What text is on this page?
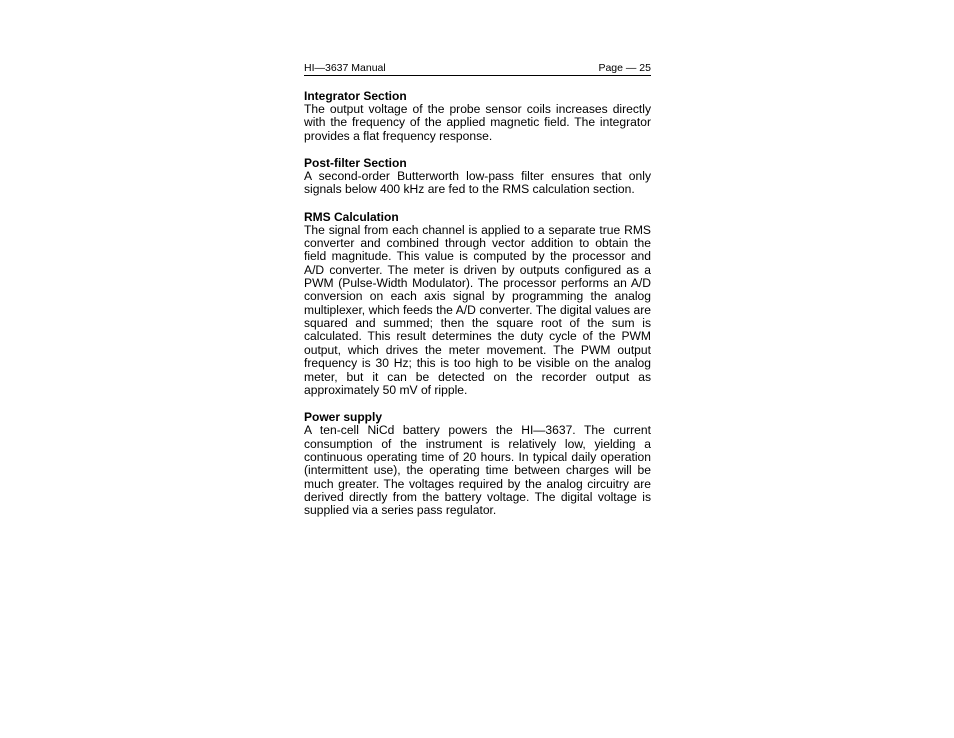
HI—3637 Manual	Page — 25

Integrator Section

The output voltage of the probe sensor coils increases directly with the frequency of the applied magnetic field. The integrator provides a flat frequency response.

Post-filter Section

A second-order Butterworth low-pass filter ensures that only signals below 400 kHz are fed to the RMS calculation section.

RMS Calculation

The signal from each channel is applied to a separate true RMS converter and combined through vector addition to obtain the field magnitude. This value is computed by the processor and A/D converter. The meter is driven by outputs configured as a PWM (Pulse-Width Modulator). The processor performs an A/D conversion on each axis signal by programming the analog multiplexer, which feeds the A/D converter. The digital values are squared and summed; then the square root of the sum is calculated. This result determines the duty cycle of the PWM output, which drives the meter movement. The PWM output frequency is 30 Hz; this is too high to be visible on the analog meter, but it can be detected on the recorder output as approximately 50 mV of ripple.

Power supply

A ten-cell NiCd battery powers the HI—3637. The current consumption of the instrument is relatively low, yielding a continuous operating time of 20 hours. In typical daily operation (intermittent use), the operating time between charges will be much greater. The voltages required by the analog circuitry are derived directly from the battery voltage. The digital voltage is supplied via a series pass regulator.
